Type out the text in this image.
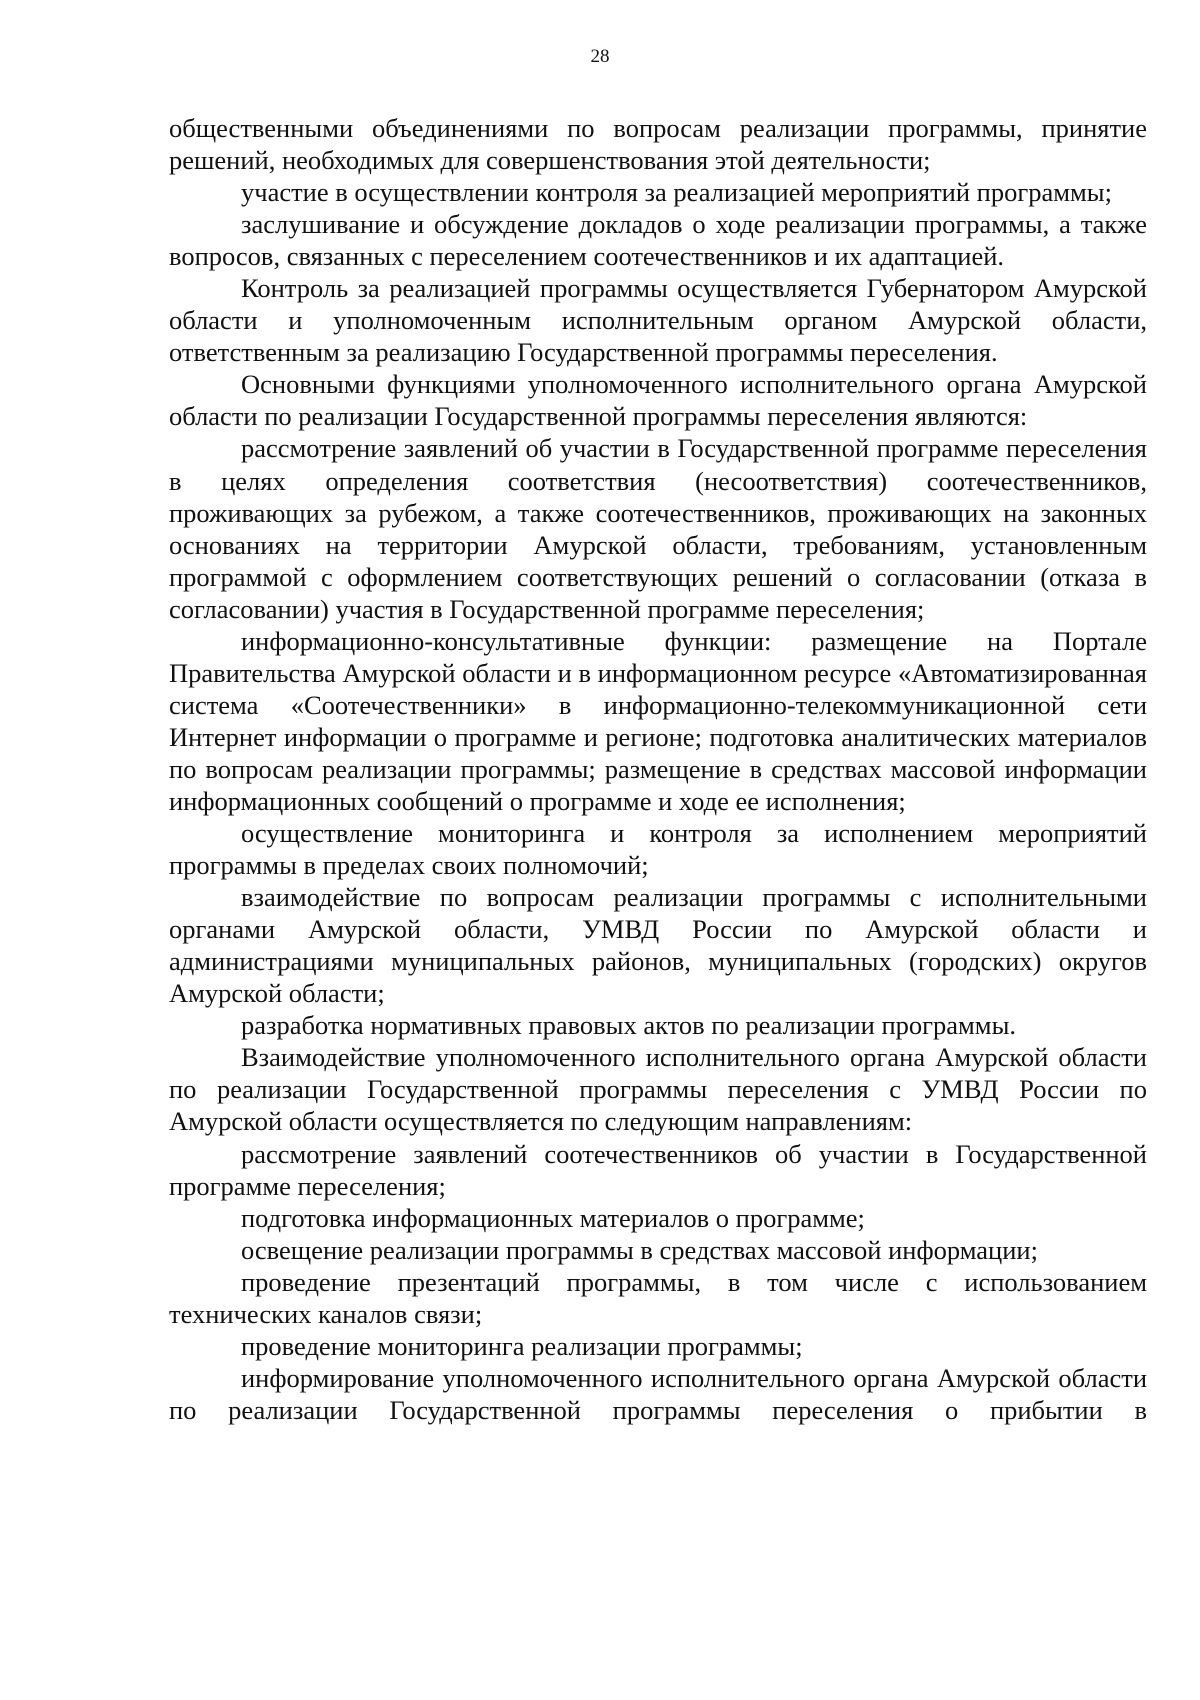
28

общественными объединениями по вопросам реализации программы, принятие решений, необходимых для совершенствования этой деятельности;

участие в осуществлении контроля за реализацией мероприятий программы;

заслушивание и обсуждение докладов о ходе реализации программы, а также вопросов, связанных с переселением соотечественников и их адаптацией.

Контроль за реализацией программы осуществляется Губернатором Амурской области и уполномоченным исполнительным органом Амурской области, ответственным за реализацию Государственной программы переселения.

Основными функциями уполномоченного исполнительного органа Амурской области по реализации Государственной программы переселения являются:

рассмотрение заявлений об участии в Государственной программе переселения в целях определения соответствия (несоответствия) соотечественников, проживающих за рубежом, а также соотечественников, проживающих на законных основаниях на территории Амурской области, требованиям, установленным программой с оформлением соответствующих решений о согласовании (отказа в согласовании) участия в Государственной программе переселения;

информационно-консультативные функции: размещение на Портале Правительства Амурской области и в информационном ресурсе «Автоматизированная система «Соотечественники» в информационно-телекоммуникационной сети Интернет информации о программе и регионе; подготовка аналитических материалов по вопросам реализации программы; размещение в средствах массовой информации информационных сообщений о программе и ходе ее исполнения;

осуществление мониторинга и контроля за исполнением мероприятий программы в пределах своих полномочий;

взаимодействие по вопросам реализации программы с исполнительными органами Амурской области, УМВД России по Амурской области и администрациями муниципальных районов, муниципальных (городских) округов Амурской области;

разработка нормативных правовых актов по реализации программы.

Взаимодействие уполномоченного исполнительного органа Амурской области по реализации Государственной программы переселения с УМВД России по Амурской области осуществляется по следующим направлениям:

рассмотрение заявлений соотечественников об участии в Государственной программе переселения;

подготовка информационных материалов о программе;

освещение реализации программы в средствах массовой информации;

проведение презентаций программы, в том числе с использованием технических каналов связи;

проведение мониторинга реализации программы;

информирование уполномоченного исполнительного органа Амурской области по реализации Государственной программы переселения о прибытии в
